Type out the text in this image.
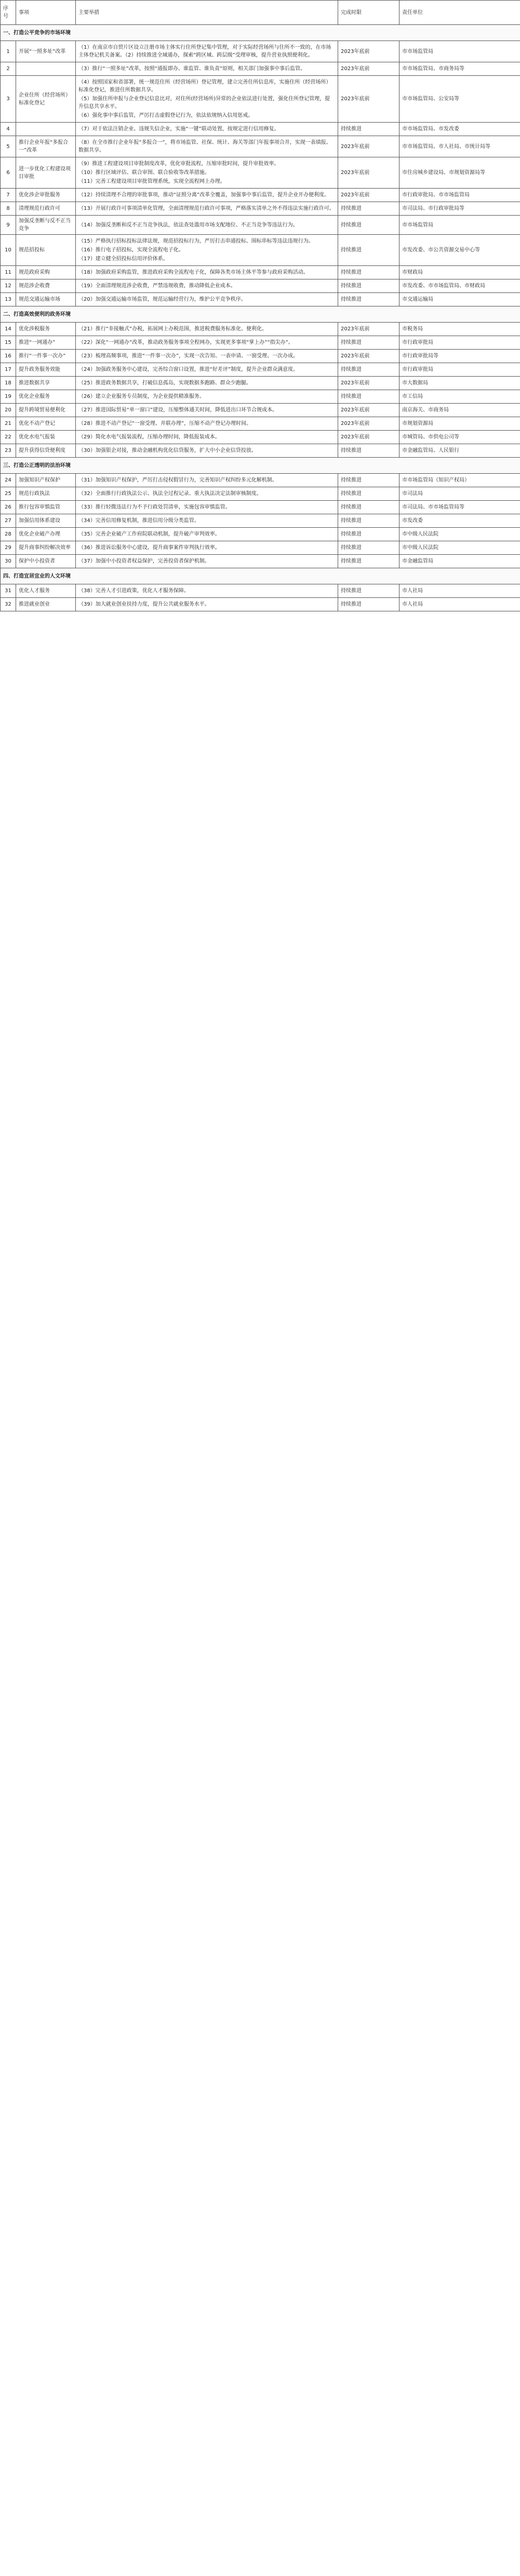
序号	事项	主要举措	完成时限	责任单位
一、打造公平竞争的市场环境				
1	开展“一照多址”改革	（1）在南京市自贸片区设立注册市场主体实行住所登记集中管理，对于实际经营场所与住所不一致的，在市场主体登记机关备案。（2）持续推进全域通办，探索“跨区域、跨层级”受理审核，提升营业执照便利化。	2023年底前	市市场监管局
2		（3）推行“一照多址”改革，按照“通报即办、谁监管、谁负责”原则，相关部门加强事中事后监管。	2023年底前	市市场监管局、市商务局等
3	企业住所（经营场所）标准化登记	（4）按照国家和省部署，统一规范住所（经营场所）登记管理，建立完善住所信息库，实施住所（经营场所）标准化登记，推进住所数据共享。
（5）加强住所申报与企业登记信息比对，对住所(经营场所)异常的企业依法进行处置，强化住所登记管理，提升信息共享水平。
（6）强化事中事后监管，严厉打击虚假登记行为，依法依规纳入信用惩戒。	2023年底前	市市场监管局、公安局等
4		（7）对于依法注销企业、违规失信企业，实施“一键”联动处置，按规定进行信用修复。	持续推进	市市场监管局、市发改委
5	推行企业年报“多报合一”改革	（8）在全市推行企业年报“多报合一”，将市场监管、社保、统计、海关等部门年报事项合并，实现一表填报、数据共享。	2023年底前	市市场监管局、市人社局、市统计局等
6	进一步优化工程建设项目审批	（9）推进工程建设项目审批制度改革，优化审批流程，压缩审批时间，提升审批效率。
（10）推行区域评估、联合审图、联合验收等改革措施。
（11）完善工程建设项目审批管理系统，实现全流程网上办理。	2023年底前	市住房城乡建设局、市规划资源局等
7	优化涉企审批服务	（12）持续清理不合理的审批事项，推动“证照分离”改革全覆盖，加强事中事后监管，提升企业开办便利度。	2023年底前	市行政审批局、市市场监管局
8	清理规范行政许可	（13）开展行政许可事项清单化管理，全面清理规范行政许可事项，严格落实清单之外不得违法实施行政许可。	持续推进	市司法局、市行政审批局等
9	加强反垄断与反不正当竞争	（14）加强反垄断和反不正当竞争执法，依法查处滥用市场支配地位、不正当竞争等违法行为。	持续推进	市市场监管局
10	规范招投标	（15）严格执行招标投标法律法规，规范招投标行为，严厉打击串通投标、围标串标等违法违规行为。
（16）推行电子招投标，实现全流程电子化。
（17）建立健全招投标信用评价体系。	持续推进	市发改委、市公共资源交易中心等
11	规范政府采购	（18）加强政府采购监管，推进政府采购全流程电子化，保障各类市场主体平等参与政府采购活动。	持续推进	市财政局
12	规范涉企收费	（19）全面清理规范涉企收费，严禁违规收费，推动降低企业成本。	持续推进	市发改委、市市场监管局、市财政局
13	规范交通运输市场	（20）加强交通运输市场监管，规范运输经营行为，维护公平竞争秩序。	持续推进	市交通运输局
二、打造高效便利的政务环境				
14	优化涉税服务	（21）推行“非接触式”办税，拓展网上办税范围，推进税费服务标准化、便利化。	2023年底前	市税务局
15	推进“一网通办”	（22）深化“一网通办”改革，推动政务服务事项全程网办，实现更多事项“掌上办”“指尖办”。	持续推进	市行政审批局
16	推行“一件事一次办”	（23）梳理高频事项，推进“一件事一次办”，实现一次告知、一表申请、一窗受理、一次办成。	2023年底前	市行政审批局等
17	提升政务服务效能	（24）加强政务服务中心建设，完善综合窗口设置，推进“好差评”制度，提升企业群众满意度。	持续推进	市行政审批局
18	推进数据共享	（25）推进政务数据共享，打破信息孤岛，实现数据多跑路、群众少跑腿。	2023年底前	市大数据局
19	优化企业服务	（26）建立企业服务专员制度，为企业提供精准服务。	持续推进	市工信局
20	提升跨境贸易便利化	（27）推进国际贸易“单一窗口”建设，压缩整体通关时间，降低进出口环节合规成本。	2023年底前	南京海关、市商务局
21	优化不动产登记	（28）推进不动产登记“一窗受理、并联办理”，压缩不动产登记办理时间。	2023年底前	市规划资源局
22	优化水电气报装	（29）简化水电气报装流程，压缩办理时间，降低报装成本。	2023年底前	市城管局、市供电公司等
23	提升获得信贷便利度	（30）加强银企对接，推动金融机构优化信贷服务，扩大中小企业信贷投放。	持续推进	市金融监管局、人民银行
三、打造公正透明的法治环境				
24	加强知识产权保护	（31）加强知识产权保护，严厉打击侵权假冒行为，完善知识产权纠纷多元化解机制。	持续推进	市市场监管局（知识产权局）
25	规范行政执法	（32）全面推行行政执法公示、执法全过程记录、重大执法决定法制审核制度。	持续推进	市司法局
26	推行包容审慎监管	（33）推行轻微违法行为不予行政处罚清单，实施包容审慎监管。	持续推进	市司法局、市市场监管局等
27	加强信用体系建设	（34）完善信用修复机制，推进信用分级分类监管。	持续推进	市发改委
28	优化企业破产办理	（35）完善企业破产工作府院联动机制，提升破产审判效率。	持续推进	市中级人民法院
29	提升商事纠纷解决效率	（36）推进诉讼服务中心建设，提升商事案件审判执行效率。	持续推进	市中级人民法院
30	保护中小投资者	（37）加强中小投资者权益保护，完善投资者保护机制。	持续推进	市金融监管局
四、打造宜居宜业的人文环境				
31	优化人才服务	（38）完善人才引进政策，优化人才服务保障。	持续推进	市人社局
32	推进就业创业	（39）加大就业创业扶持力度，提升公共就业服务水平。	持续推进	市人社局
